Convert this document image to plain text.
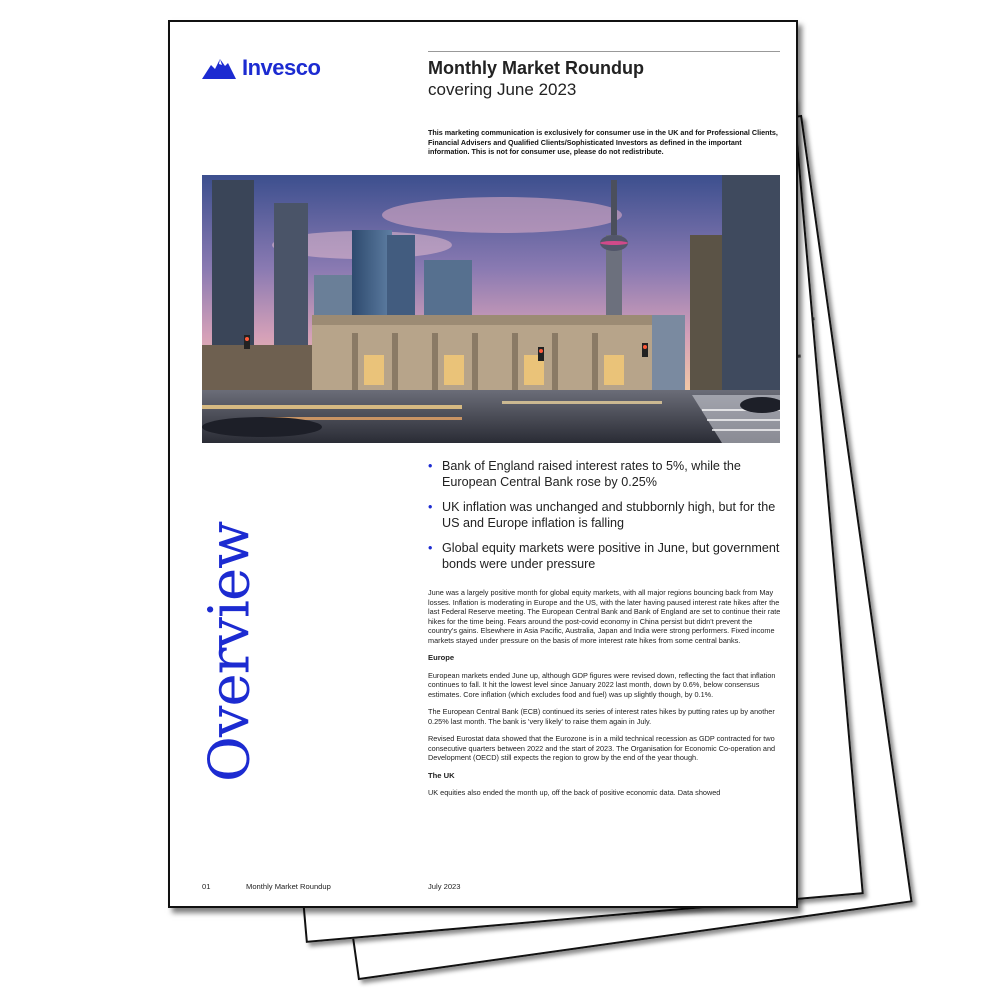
Invesco	Monthly Market Roundup
covering June 2023
This marketing communication is exclusively for consumer use in the UK and for Professional Clients, Financial Advisers and Qualified Clients/Sophisticated Investors as defined in the important information. This is not for consumer use, please do not redistribute.
Overview
• Bank of England raised interest rates to 5%, while the European Central Bank rose by 0.25%
• UK inflation was unchanged and stubbornly high, but for the US and Europe inflation is falling
• Global equity markets were positive in June, but government bonds were under pressure

June was a largely positive month for global equity markets, with all major regions bouncing back from May losses. Inflation is moderating in Europe and the US, with the later having paused interest rate hikes after the last Federal Reserve meeting. The European Central Bank and Bank of England are set to continue their rate hikes for the time being. Fears around the post-covid economy in China persist but didn't prevent the country's gains. Elsewhere in Asia Pacific, Australia, Japan and India were strong performers. Fixed income markets stayed under pressure on the basis of more interest rate hikes from some central banks.

Europe

European markets ended June up, although GDP figures were revised down, reflecting the fact that inflation continues to fall. It hit the lowest level since January 2022 last month, down by 0.6%, below consensus estimates. Core inflation (which excludes food and fuel) was up slightly though, by 0.1%.

The European Central Bank (ECB) continued its series of interest rates hikes by putting rates up by another 0.25% last month. The bank is 'very likely' to raise them again in July.

Revised Eurostat data showed that the Eurozone is in a mild technical recession as GDP contracted for two consecutive quarters between 2022 and the start of 2023. The Organisation for Economic Co-operation and Development (OECD) still expects the region to grow by the end of the year though.

The UK

UK equities also ended the month up, off the back of positive economic data. Data showed

01	Monthly Market Roundup	July 2023
